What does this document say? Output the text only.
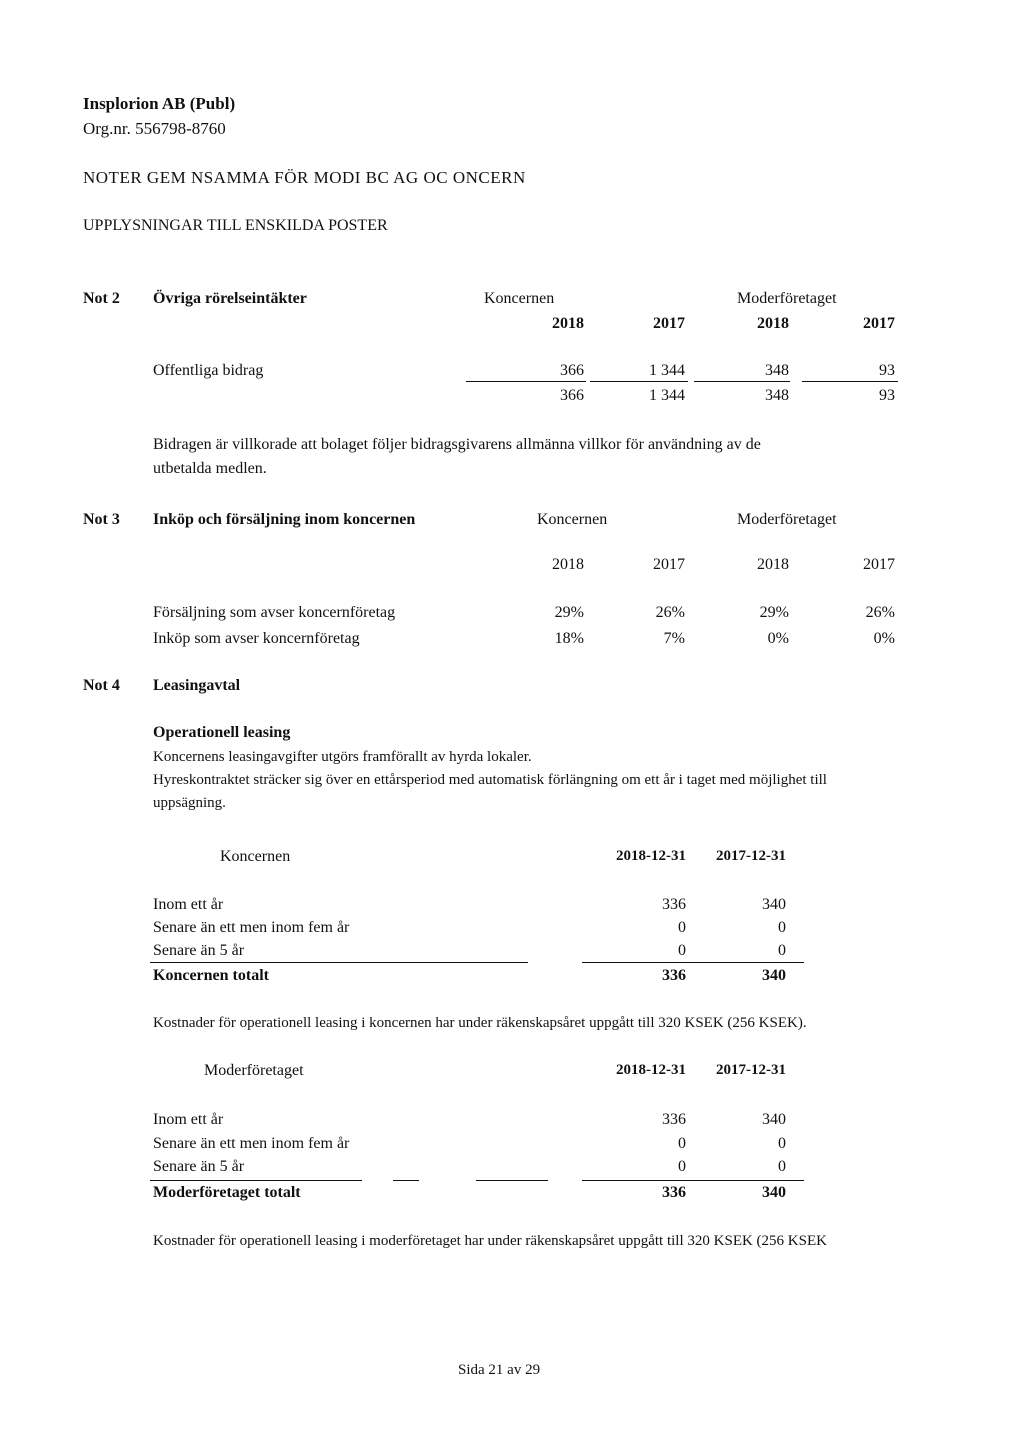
Insplorion AB (Publ)
Org.nr. 556798-8760
NOTER GEM NSAMMA FÖR MODI BC AG OC ONCERN
UPPLYSNINGAR TILL ENSKILDA POSTER
Not 2 Övriga rörelseintäkter	Koncernen	Moderföretaget
2018	2017	2018	2017
Offentliga bidrag	366	1 344	348	93
366	1 344	348	93
Bidragen är villkorade att bolaget följer bidragsgivarens allmänna villkor för användning av de
utbetalda medlen.
Not 3 Inköp och försäljning inom koncernen	Koncernen	Moderföretaget
2018	2017	2018	2017
Försäljning som avser koncernföretag	29%	26%	29%	26%
Inköp som avser koncernföretag	18%	7%	0%	0%
Not 4 Leasingavtal
Operationell leasing
Koncernens leasingavgifter utgörs framförallt av hyrda lokaler.
Hyreskontraktet sträcker sig över en ettårsperiod med automatisk förlängning om ett år i taget med möjlighet till
uppsägning.
Koncernen	2018-12-31	2017-12-31
Inom ett år	336	340
Senare än ett men inom fem år	0	0
Senare än 5 år	0	0
Koncernen totalt	336	340
Kostnader för operationell leasing i koncernen har under räkenskapsåret uppgått till 320 KSEK (256 KSEK).
Moderföretaget	2018-12-31	2017-12-31
Inom ett år	336	340
Senare än ett men inom fem år	0	0
Senare än 5 år	0	0
Moderföretaget totalt	336	340
Kostnader för operationell leasing i moderföretaget har under räkenskapsåret uppgått till 320 KSEK (256 KSEK
Sida 21 av 29
